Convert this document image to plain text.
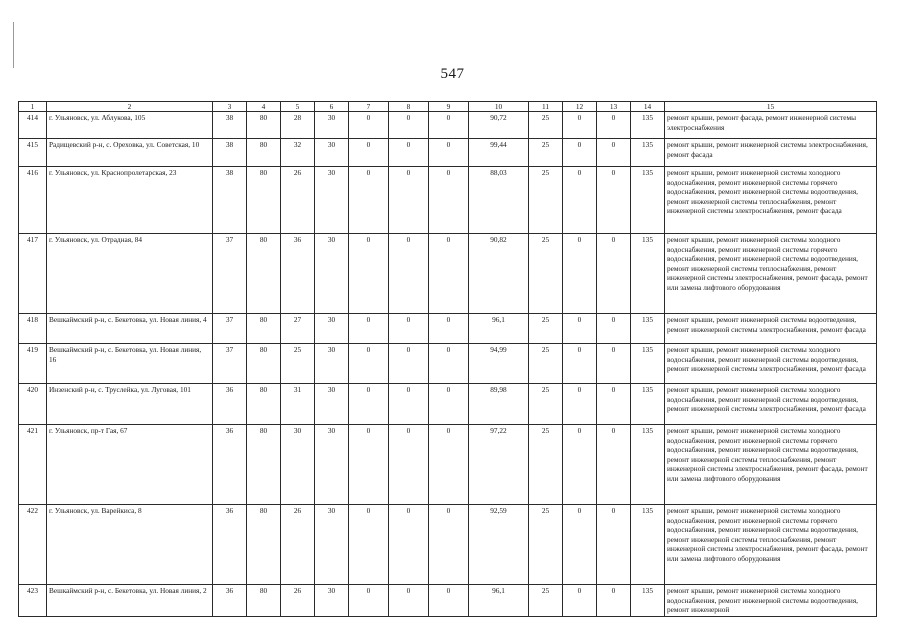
547
1	2	3	4	5	6	7	8	9	10	11	12	13	14	15
414	г. Ульяновск, ул. Аблукова, 105	38	80	28	30	0	0	0	90,72	25	0	0	135	ремонт крыши, ремонт фасада, ремонт инженерной системы электроснабжения
415	Радищевский р-н, с. Ореховка, ул. Советская, 10	38	80	32	30	0	0	0	99,44	25	0	0	135	ремонт крыши, ремонт инженерной системы электроснабжения, ремонт фасада
416	г. Ульяновск, ул. Краснопролетарская, 23	38	80	26	30	0	0	0	88,03	25	0	0	135	ремонт крыши, ремонт инженерной системы холодного водоснабжения, ремонт инженерной системы горячего водоснабжения, ремонт инженерной системы водоотведения, ремонт инженерной системы теплоснабжения, ремонт инженерной системы электроснабжения, ремонт фасада
417	г. Ульяновск, ул. Отрадная, 84	37	80	36	30	0	0	0	90,82	25	0	0	135	ремонт крыши, ремонт инженерной системы холодного водоснабжения, ремонт инженерной системы горячего водоснабжения, ремонт инженерной системы водоотведения, ремонт инженерной системы теплоснабжения, ремонт инженерной системы электроснабжения, ремонт фасада, ремонт или замена лифтового оборудования
418	Вешкаймский р-н, с. Бекетовка, ул. Новая линия, 4	37	80	27	30	0	0	0	96,1	25	0	0	135	ремонт крыши, ремонт инженерной системы водоотведения, ремонт инженерной системы электроснабжения, ремонт фасада
419	Вешкаймский р-н, с. Бекетовка, ул. Новая линия, 16	37	80	25	30	0	0	0	94,99	25	0	0	135	ремонт крыши, ремонт инженерной системы холодного водоснабжения, ремонт инженерной системы водоотведения, ремонт инженерной системы электроснабжения, ремонт фасада
420	Инзенский р-н, с. Труслейка, ул. Луговая, 101	36	80	31	30	0	0	0	89,98	25	0	0	135	ремонт крыши, ремонт инженерной системы холодного водоснабжения, ремонт инженерной системы водоотведения, ремонт инженерной системы электроснабжения, ремонт фасада
421	г. Ульяновск, пр-т Гая, 67	36	80	30	30	0	0	0	97,22	25	0	0	135	ремонт крыши, ремонт инженерной системы холодного водоснабжения, ремонт инженерной системы горячего водоснабжения, ремонт инженерной системы водоотведения, ремонт инженерной системы теплоснабжения, ремонт инженерной системы электроснабжения, ремонт фасада, ремонт или замена лифтового оборудования
422	г. Ульяновск, ул. Варейкиса, 8	36	80	26	30	0	0	0	92,59	25	0	0	135	ремонт крыши, ремонт инженерной системы холодного водоснабжения, ремонт инженерной системы горячего водоснабжения, ремонт инженерной системы водоотведения, ремонт инженерной системы теплоснабжения, ремонт инженерной системы электроснабжения, ремонт фасада, ремонт или замена лифтового оборудования
423	Вешкаймский р-н, с. Бекетовка, ул. Новая линия, 2	36	80	26	30	0	0	0	96,1	25	0	0	135	ремонт крыши, ремонт инженерной системы холодного водоснабжения, ремонт инженерной системы водоотведения, ремонт инженерной
